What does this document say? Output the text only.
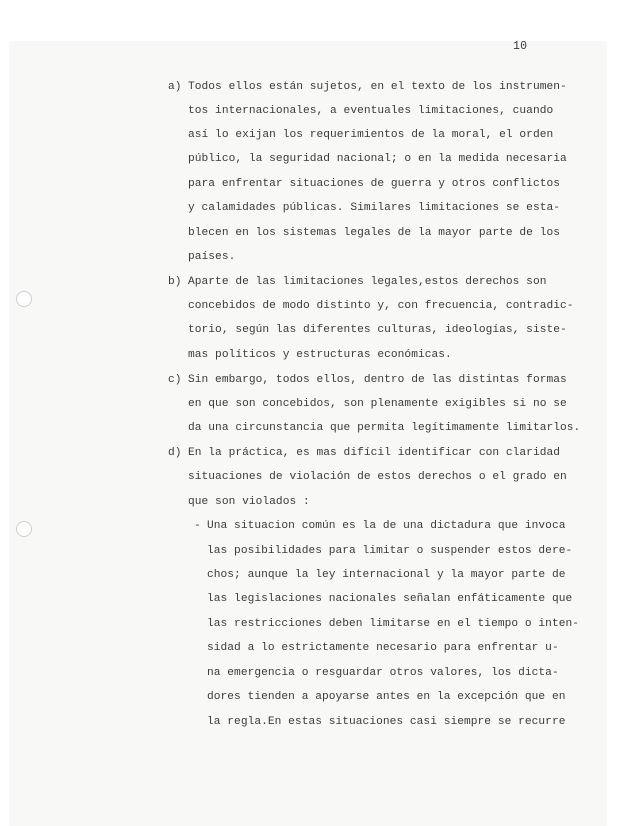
10
a) Todos ellos están sujetos, en el texto de los instrumen-
tos internacionales, a eventuales limitaciones, cuando
así lo exijan los requerimientos de la moral, el orden
público, la seguridad nacional; o en la medida necesaria
para enfrentar situaciones de guerra y otros conflictos
y calamidades públicas. Similares limitaciones se esta-
blecen en los sistemas legales de la mayor parte de los
países.
b) Aparte de las limitaciones legales,estos derechos son
concebidos de modo distinto y, con frecuencia, contradic-
torio, según las diferentes culturas, ideologías, siste-
mas políticos y estructuras económicas.
c) Sin embargo, todos ellos, dentro de las distintas formas
en que son concebidos, son plenamente exigibles si no se
da una circunstancia que permita legítimamente limitarlos.
d) En la práctica, es mas difícil identificar con claridad
situaciones de violación de estos derechos o el grado en
que son violados :
- Una situacion común es la de una dictadura que invoca
las posibilidades para limitar o suspender estos dere-
chos; aunque la ley internacional y la mayor parte de
las legislaciones nacionales señalan enfáticamente que
las restricciones deben limitarse en el tiempo o inten-
sidad a lo estrictamente necesario para enfrentar u-
na emergencia o resguardar otros valores, los dicta-
dores tienden a apoyarse antes en la excepción que en
la regla.En estas situaciones casi siempre se recurre
